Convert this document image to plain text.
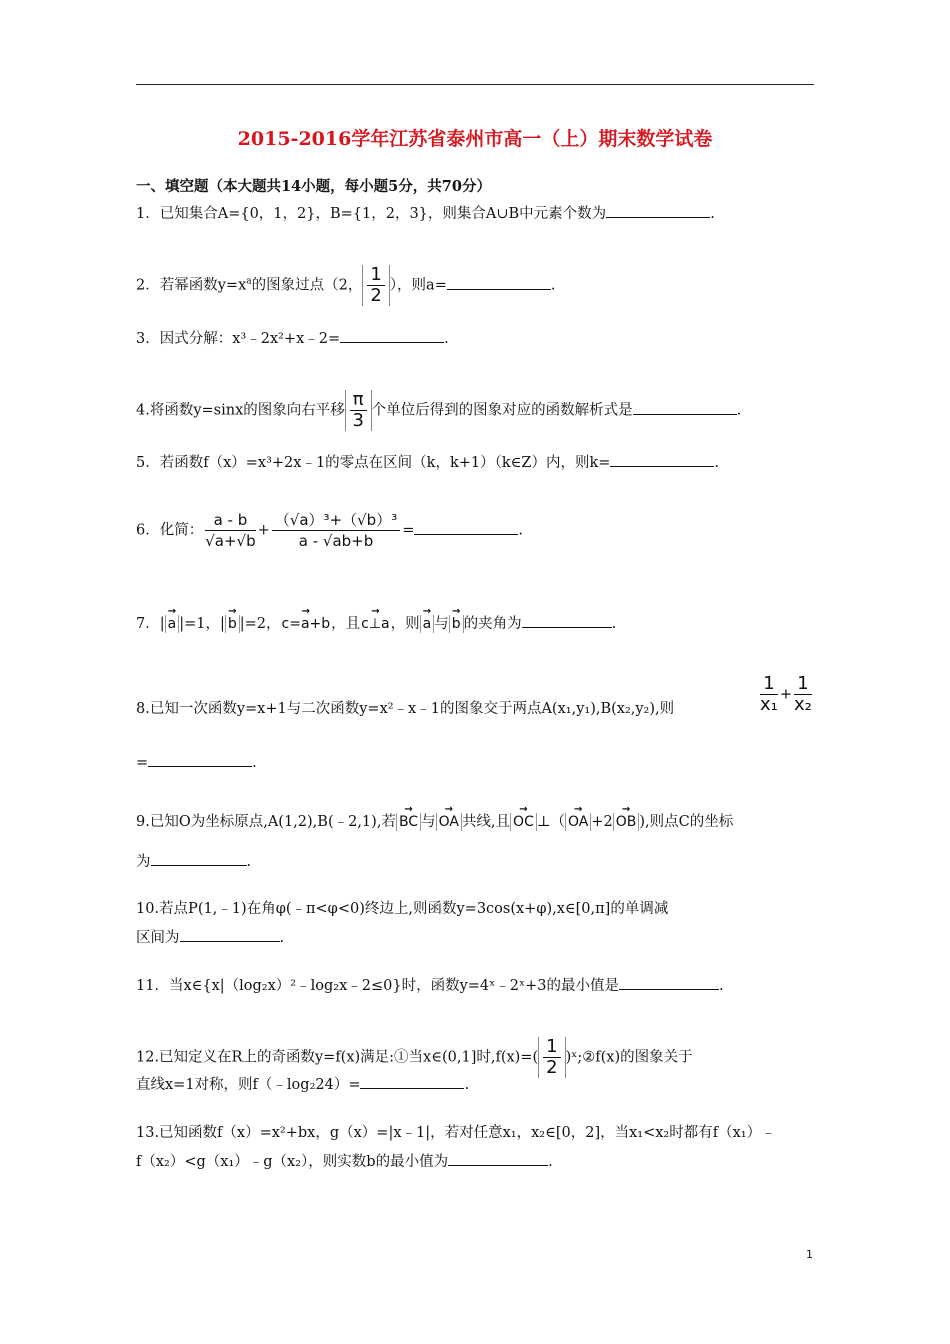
2015-2016学年江苏省泰州市高一（上）期末数学试卷
一、填空题（本大题共14小题，每小题5分，共70分）
1．已知集合A={0，1，2}，B={1，2，3}，则集合A∪B中元素个数为	.
2．若幂函数$y=x^a$的图象过点（2， $\frac{1}{2}$ ），则a=	.
3．因式分解：x³﹣2x²+x﹣2=	.
4.将函数y=sinx的图象向右平移 $\frac{\pi}{3}$ 个单位后得到的图象对应的函数解析式是	.
5．若函数f（x）=x³+2x﹣1的零点在区间（k，k+1）（k∈Z）内，则k=	.
6．化简： $\frac{a - b}{√a+√b} + \frac{\text{（√a）³+（√b）³}}{a - √ab+b}$ =	.
7．| → a |=1，| → b |=2，→ c=a+b，且→ c⊥a，则 → a 与 → b 的夹角为	.
8.已知一次函数y=x+1与二次函数y=x²﹣x﹣1的图象交于两点A(x₁,y₁),B(x₂,y₂),则	$\frac{1}{\text{x₁}} + \frac{1}{\text{x₂}}$
=	.
9.已知O为坐标原点,A(1,2),B(﹣2,1),若 → BC 与 → OA 共线,且 → OC ⊥（ → OA +2 → OB ),则点C的坐标
为	.
10.若点P(1,﹣1)在角φ(﹣π<φ<0)终边上,则函数y=3cos(x+φ),x∈[0,π]的单调减
区间为	.
11．当x∈{x|（log₂x）²﹣log₂x﹣2≤0}时，函数y=4ˣ﹣2ˣ+3的最小值是	.
12.已知定义在R上的奇函数y=f(x)满足:①当x∈(0,1]时$,f(x)=( \frac{1}{2}$ )ˣ;②f(x)的图象关于
直线x=1对称，则f（﹣log₂24）=	.
13.已知函数f（x）=x²+bx，g（x）=|x﹣1|，若对任意x₁，x₂∈[0，2]，当x₁<x₂时都有f（x₁）﹣
f（x₂）<g（x₁）﹣g（x₂），则实数b的最小值为	.
1
